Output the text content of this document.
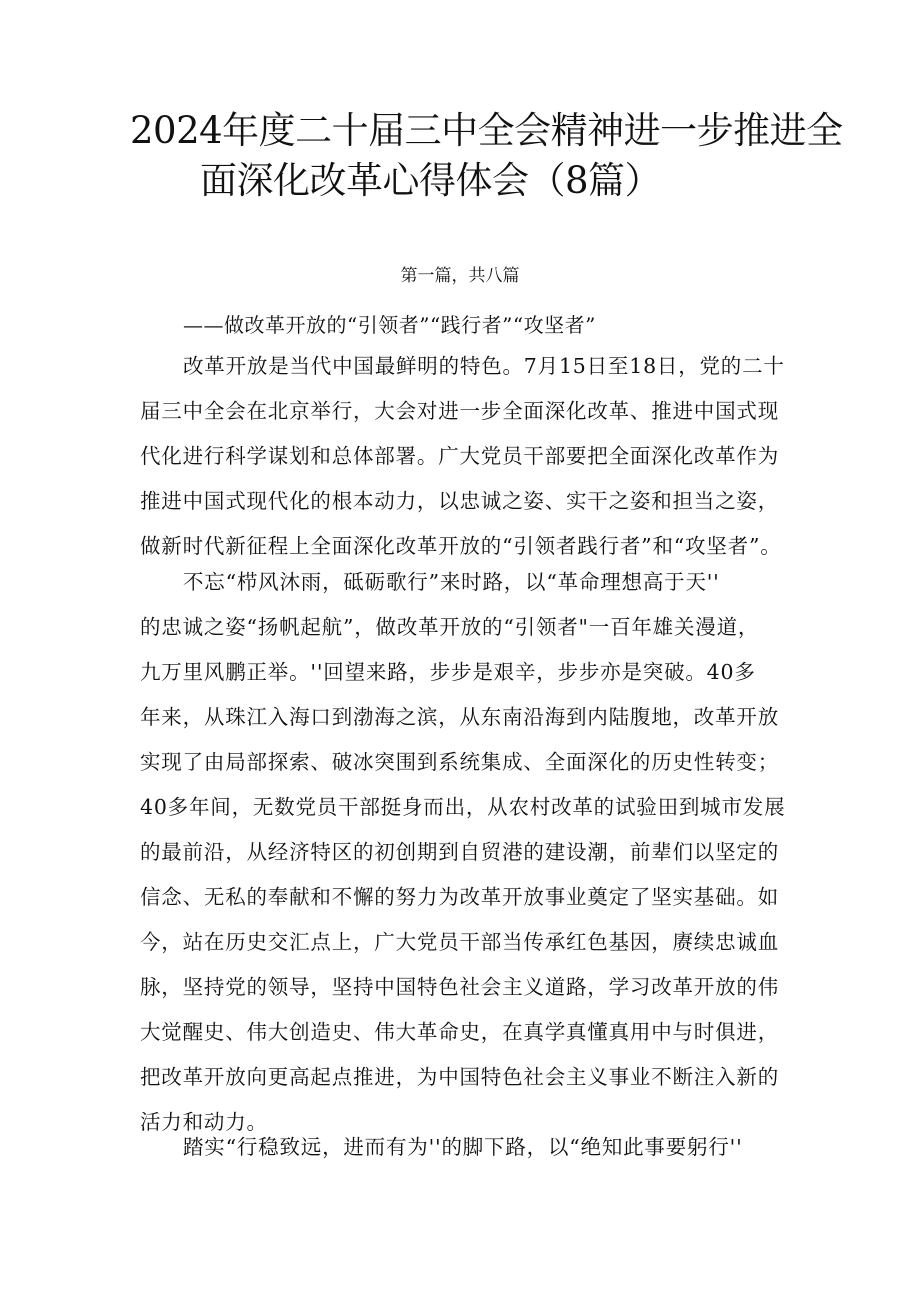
2024年度二十届三中全会精神进一步推进全
面深化改革心得体会（8篇）
第一篇，共八篇
——做改革开放的“引领者”“践行者”“攻坚者”
改革开放是当代中国最鲜明的特色。7月15日至18日，党的二十
届三中全会在北京举行，大会对进一步全面深化改革、推进中国式现
代化进行科学谋划和总体部署。广大党员干部要把全面深化改革作为
推进中国式现代化的根本动力，以忠诚之姿、实干之姿和担当之姿，
做新时代新征程上全面深化改革开放的“引领者践行者”和“攻坚者”。
不忘“栉风沐雨，砥砺歌行”来时路，以“革命理想高于天''
的忠诚之姿“扬帆起航”，做改革开放的“引领者"一百年雄关漫道，
九万里风鹏正举。''回望来路，步步是艰辛，步步亦是突破。40多
年来，从珠江入海口到渤海之滨，从东南沿海到内陆腹地，改革开放
实现了由局部探索、破冰突围到系统集成、全面深化的历史性转变；
40多年间，无数党员干部挺身而出，从农村改革的试验田到城市发展
的最前沿，从经济特区的初创期到自贸港的建设潮，前辈们以坚定的
信念、无私的奉献和不懈的努力为改革开放事业奠定了坚实基础。如
今，站在历史交汇点上，广大党员干部当传承红色基因，赓续忠诚血
脉，坚持党的领导，坚持中国特色社会主义道路，学习改革开放的伟
大觉醒史、伟大创造史、伟大革命史，在真学真懂真用中与时俱进，
把改革开放向更高起点推进，为中国特色社会主义事业不断注入新的
活力和动力。
踏实“行稳致远，进而有为''的脚下路，以“绝知此事要躬行''
